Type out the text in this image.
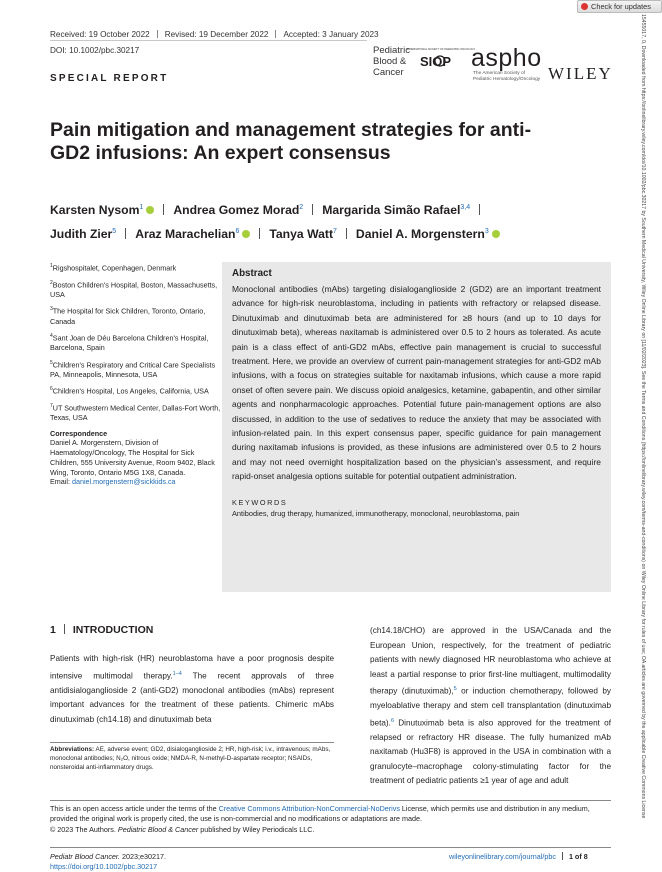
Check for updates
Received: 19 October 2022 Revised: 19 December 2022 Accepted: 3 January 2023
DOI: 10.1002/pbc.30217
SPECIAL REPORT
Pediatric
Blood &
Cancer
INTERNATIONAL SOCIETY OF PAEDIATRIC ONCOLOGY
SIOP aspho
The American Society of Pediatric Hematology/Oncology WILEY
Pain mitigation and management strategies for anti-GD2 infusions: An expert consensus
Karsten Nysom$^1$ Andrea Gomez Morad$^2$ Margarida Simão Rafael$^{3,4}$
Judith Zier$^5$ Araz Marachelian$^6$ Tanya Watt$^7$ Daniel A. Morgenstern$^3$

$^1$Rigshospitalet, Copenhagen, Denmark

$^2$Boston Children's Hospital, Boston, Massachusetts, USA

$^3$The Hospital for Sick Children, Toronto, Ontario, Canada

$^4$Sant Joan de Déu Barcelona Children's Hospital, Barcelona, Spain

$^5$Children's Respiratory and Critical Care Specialists PA, Minneapolis, Minnesota, USA

$^6$Children's Hospital, Los Angeles, California, USA

$^7$UT Southwestern Medical Center, Dallas-Fort Worth, Texas, USA

Correspondence
Daniel A. Morgenstern, Division of Haematology/Oncology, The Hospital for Sick Children, 555 University Avenue, Room 9402, Black Wing, Toronto, Ontario M5G 1X8, Canada.
Email: daniel.morgenstern@sickkids.ca
Abstract
Monoclonal antibodies (mAbs) targeting disialoganglioside 2 (GD2) are an important treatment advance for high-risk neuroblastoma, including in patients with refractory or relapsed disease. Dinutuximab and dinutuximab beta are administered for ≥8 hours (and up to 10 days for dinutuximab beta), whereas naxitamab is administered over 0.5 to 2 hours as tolerated. As acute pain is a class effect of anti-GD2 mAbs, effective pain management is crucial to successful treatment. Here, we provide an overview of current pain-management strategies for anti-GD2 mAb infusions, with a focus on strategies suitable for naxitamab infusions, which cause a more rapid onset of often severe pain. We discuss opioid analgesics, ketamine, gabapentin, and other similar agents and nonpharmacologic approaches. Potential future pain-management options are also discussed, in addition to the use of sedatives to reduce the anxiety that may be associated with infusion-related pain. In this expert consensus paper, specific guidance for pain management during naxitamab infusions is provided, as these infusions are administered over 0.5 to 2 hours and may not need overnight hospitalization based on the physician's assessment, and require rapid-onset analgesia options suitable for potential outpatient administration.
KEYWORDS
Antibodies, drug therapy, humanized, immunotherapy, monoclonal, neuroblastoma, pain
1 INTRODUCTION
Patients with high-risk (HR) neuroblastoma have a poor prognosis despite intensive multimodal therapy.$^{1-4}$ The recent approvals of three antidisialoganglioside 2 (anti-GD2) monoclonal antibodies (mAbs) represent important advances for the treatment of these patients. Chimeric mAbs dinutuximab (ch14.18) and dinutuximab beta
(ch14.18/CHO) are approved in the USA/Canada and the European Union, respectively, for the treatment of pediatric patients with newly diagnosed HR neuroblastoma who achieve at least a partial response to prior first-line multiagent, multimodality therapy (dinutuximab),$^5$ or induction chemotherapy, followed by myeloablative therapy and stem cell transplantation (dinutuximab beta).$^6$ Dinutuximab beta is also approved for the treatment of relapsed or refractory HR disease. The fully humanized mAb naxitamab (Hu3F8) is approved in the USA in combination with a granulocyte–macrophage colony-stimulating factor for the treatment of pediatric patients ≥1 year of age and adult
Abbreviations: AE, adverse event; GD2, disialoganglioside 2; HR, high-risk; i.v., intravenous; mAbs, monoclonal antibodies; N₂O, nitrous oxide; NMDA-R, N-methyl-D-aspartate receptor; NSAIDs, nonsteroidal anti-inflammatory drugs.
This is an open access article under the terms of the Creative Commons Attribution-NonCommercial-NoDerivs License, which permits use and distribution in any medium, provided the original work is properly cited, the use is non-commercial and no modifications or adaptations are made.
© 2023 The Authors. Pediatric Blood & Cancer published by Wiley Periodicals LLC.
Pediatr Blood Cancer. 2023;e30217.
https://doi.org/10.1002/pbc.30217
wileyonlinelibrary.com/journal/pbc 1 of 8
15455017, 0, Downloaded from https://onlinelibrary.wiley.com/doi/10.1002/pbc.30217 by Southern Medical University, Wiley Online Library on [11/02/2023]. See the Terms and Conditions (https://onlinelibrary.wiley.com/terms-and-conditions) on Wiley Online Library for rules of use; OA articles are governed by the applicable Creative Commons License
